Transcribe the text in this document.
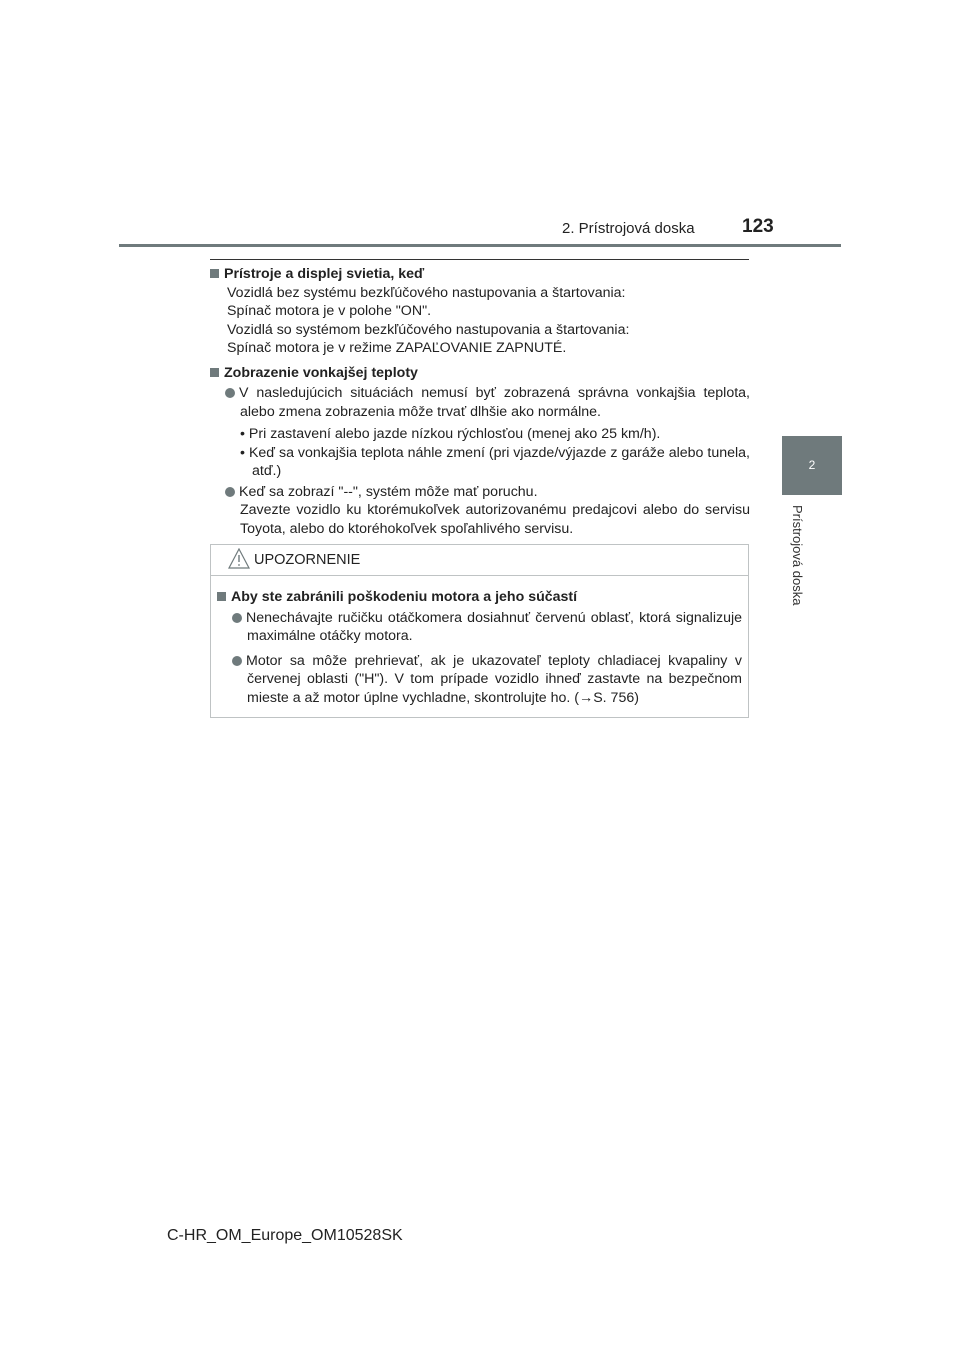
2. Prístrojová doska 123
2
Prístrojová doska
Prístroje a displej svietia, keď
Vozidlá bez systému bezkľúčového nastupovania a štartovania:
Spínač motora je v polohe "ON".
Vozidlá so systémom bezkľúčového nastupovania a štartovania:
Spínač motora je v režime ZAPAĽOVANIE ZAPNUTÉ.
Zobrazenie vonkajšej teploty
V nasledujúcich situáciách nemusí byť zobrazená správna vonkajšia teplota, alebo zmena zobrazenia môže trvať dlhšie ako normálne.
• Pri zastavení alebo jazde nízkou rýchlosťou (menej ako 25 km/h).
• Keď sa vonkajšia teplota náhle zmení (pri vjazde/výjazde z garáže alebo tunela, atď.)
Keď sa zobrazí "--", systém môže mať poruchu.
Zavezte vozidlo ku ktorémukoľvek autorizovanému predajcovi alebo do servisu Toyota, alebo do ktoréhokoľvek spoľahlivého servisu.
UPOZORNENIE
Aby ste zabránili poškodeniu motora a jeho súčastí
Nenechávajte ručičku otáčkomera dosiahnuť červenú oblasť, ktorá signalizuje maximálne otáčky motora.
Motor sa môže prehrievať, ak je ukazovateľ teploty chladiacej kvapaliny v červenej oblasti ("H"). V tom prípade vozidlo ihneď zastavte na bezpečnom mieste a až motor úplne vychladne, skontrolujte ho. (→S. 756)
C-HR_OM_Europe_OM10528SK
